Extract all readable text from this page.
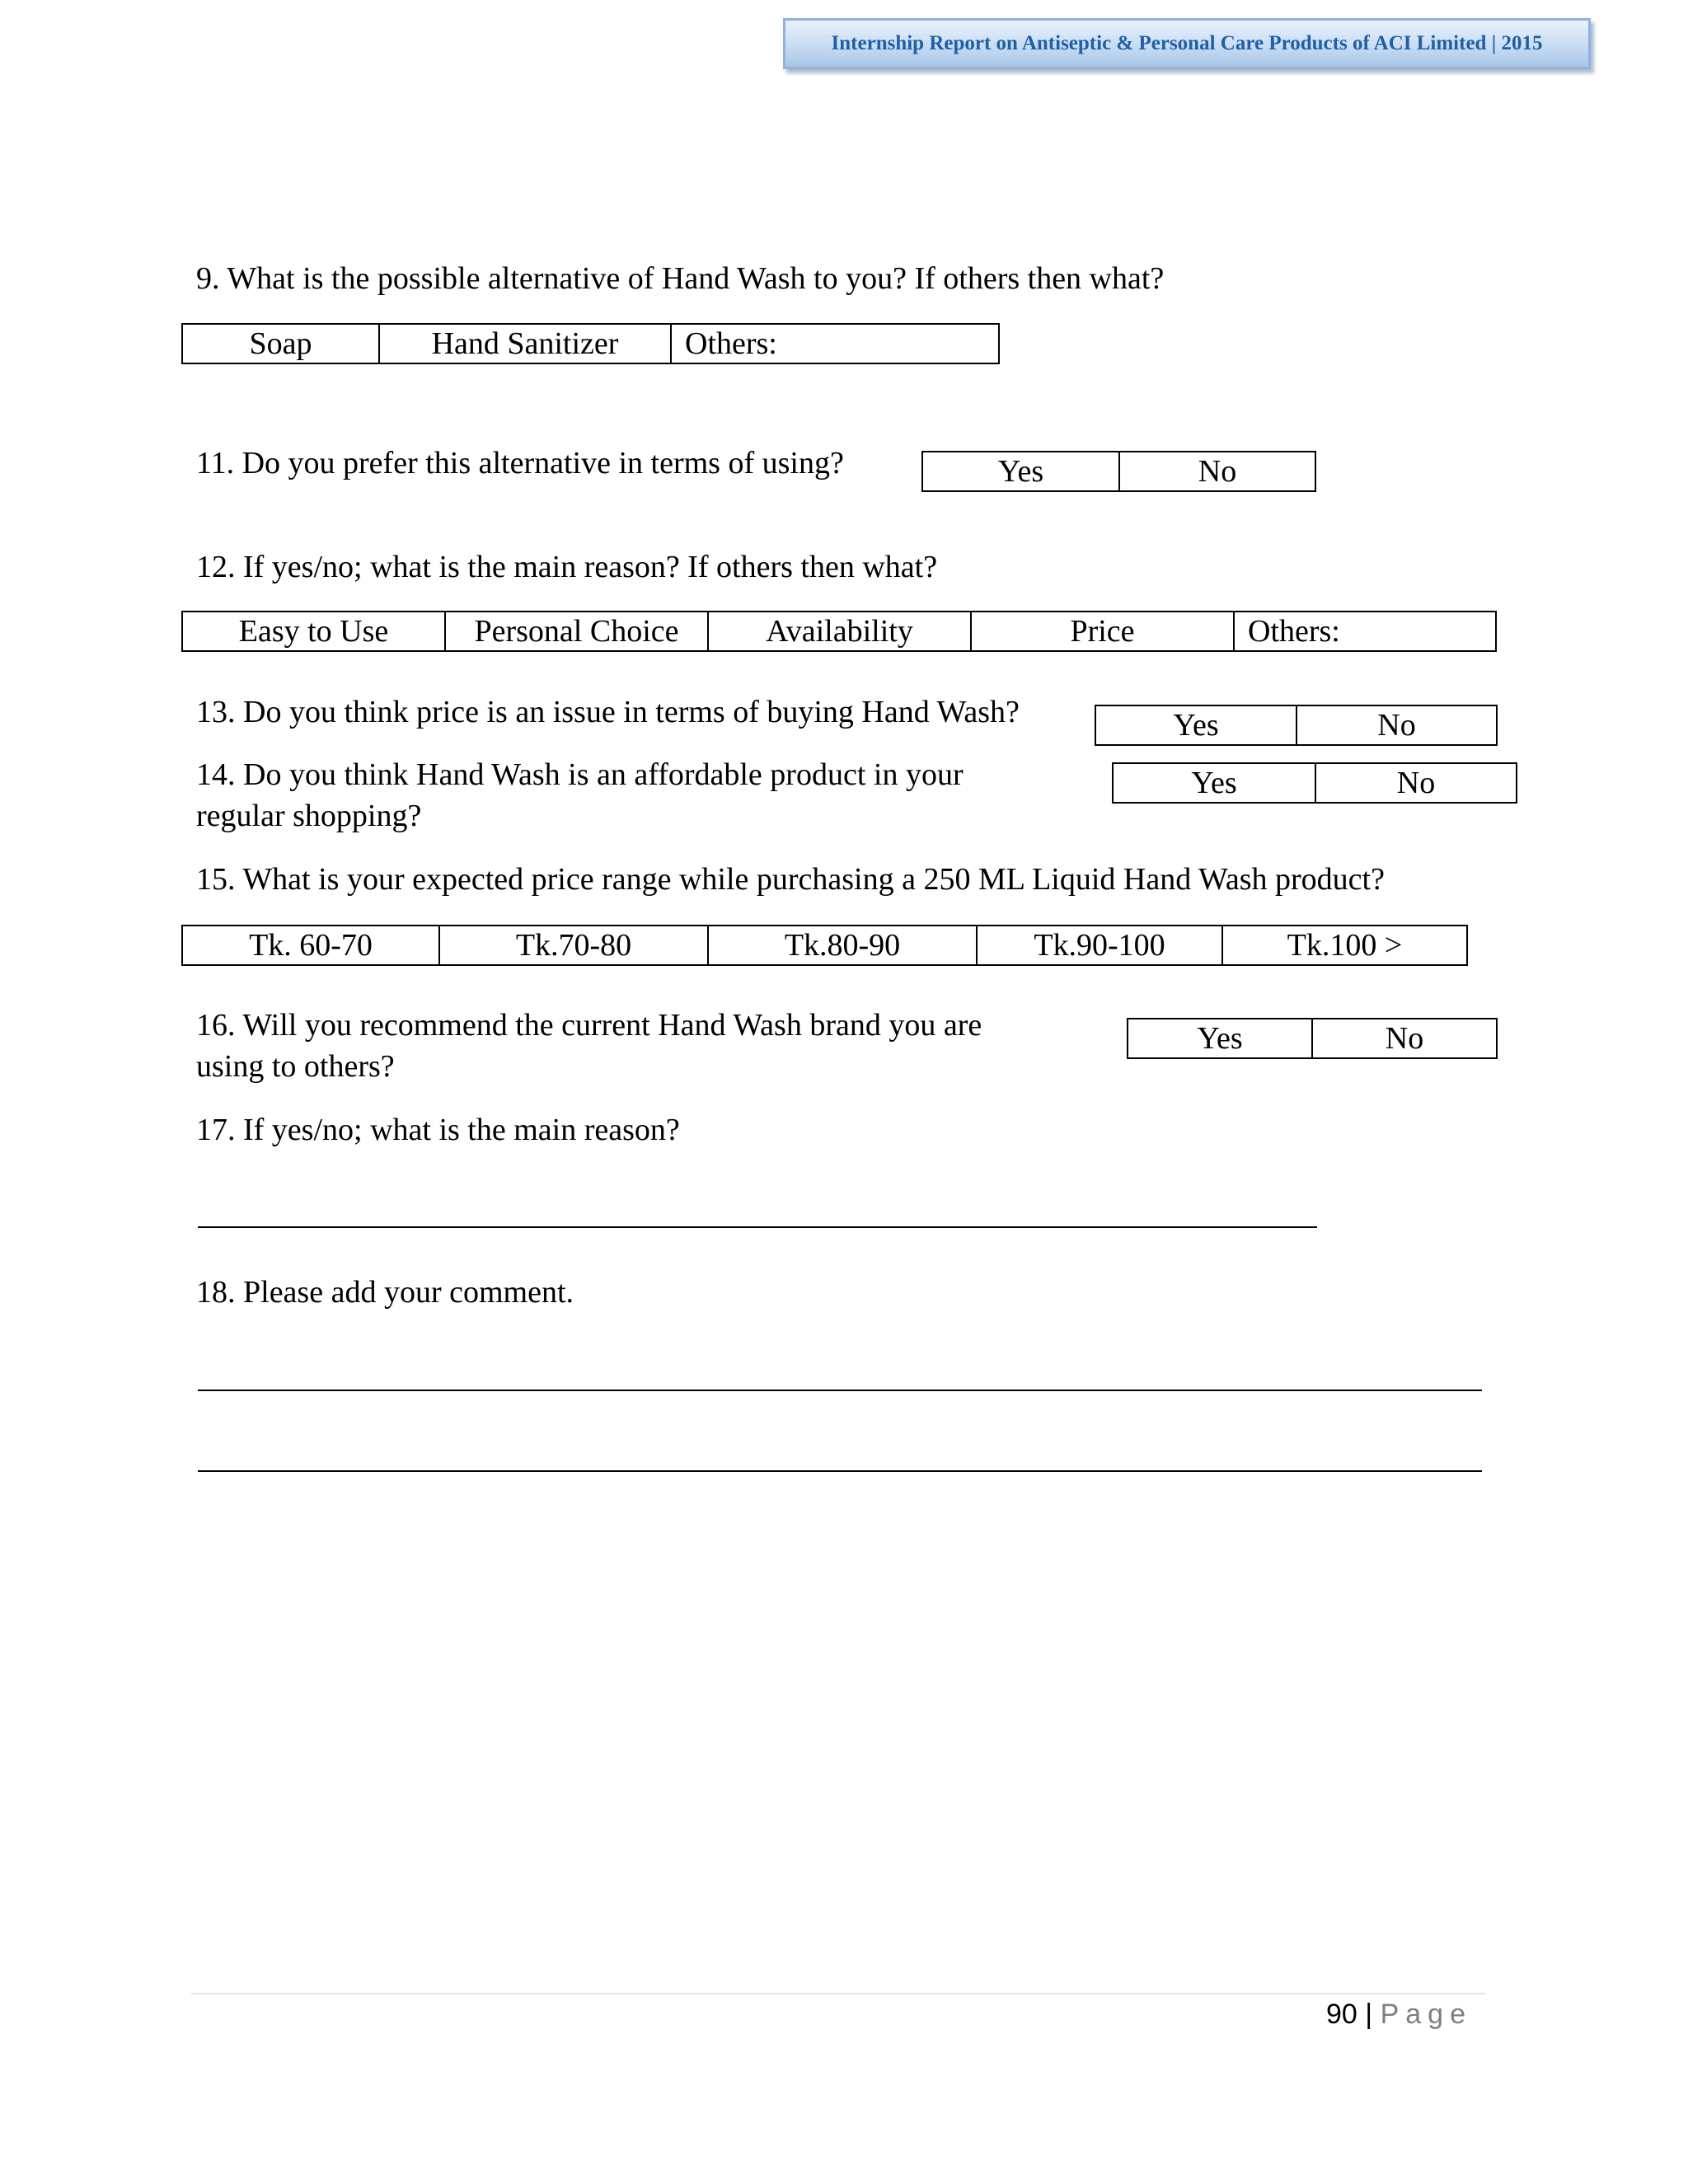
Internship Report on Antiseptic & Personal Care Products of ACI Limited | 2015
9. What is the possible alternative of Hand Wash to you? If others then what?
Soap	Hand Sanitizer	Others:
11. Do you prefer this alternative in terms of using?	Yes	No
12. If yes/no; what is the main reason? If others then what?
Easy to Use	Personal Choice	Availability	Price	Others:
13. Do you think price is an issue in terms of buying Hand Wash?	Yes	No
14. Do you think Hand Wash is an affordable product in your
regular shopping?
Yes	No
15. What is your expected price range while purchasing a 250 ML Liquid Hand Wash product?
Tk. 60-70	Tk.70-80	Tk.80-90	Tk.90-100	Tk.100 >
16. Will you recommend the current Hand Wash brand you are
using to others?
Yes	No
17. If yes/no; what is the main reason?
18. Please add your comment.
90 | Page
